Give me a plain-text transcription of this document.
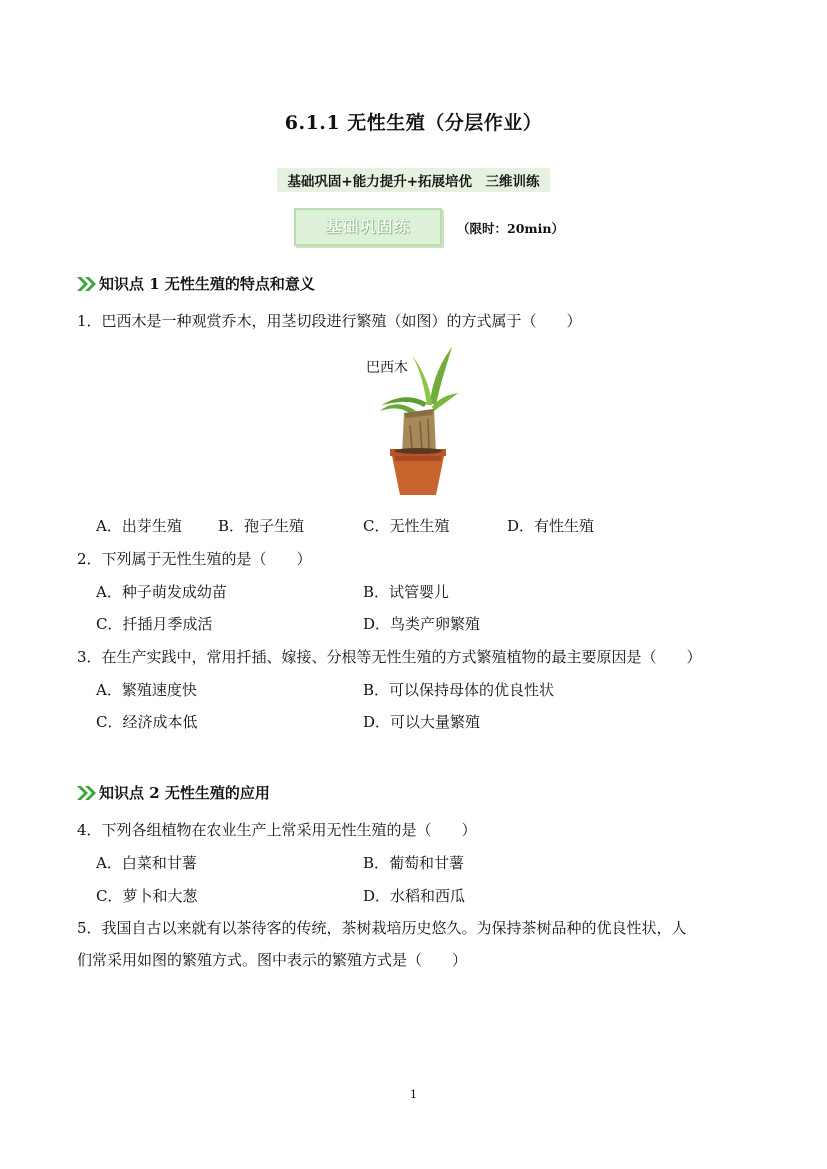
6.1.1 无性生殖（分层作业）
基础巩固+能力提升+拓展培优　三维训练
基础巩固练	（限时：20min）
知识点 1 无性生殖的特点和意义
1．巴西木是一种观赏乔木，用茎切段进行繁殖（如图）的方式属于（　　）
巴西木
A．出芽生殖 B．孢子生殖	C．无性生殖	D．有性生殖
2．下列属于无性生殖的是（　　）
A．种子萌发成幼苗	B．试管婴儿
C．扦插月季成活	D．鸟类产卵繁殖
3．在生产实践中，常用扦插、嫁接、分根等无性生殖的方式繁殖植物的最主要原因是（　　）
A．繁殖速度快	B．可以保持母体的优良性状
C．经济成本低	D．可以大量繁殖
知识点 2 无性生殖的应用
4．下列各组植物在农业生产上常采用无性生殖的是（　　）
A．白菜和甘薯	B．葡萄和甘薯
C．萝卜和大葱	D．水稻和西瓜
5．我国自古以来就有以茶待客的传统，茶树栽培历史悠久。为保持茶树品种的优良性状，人
们常采用如图的繁殖方式。图中表示的繁殖方式是（　　）
1
